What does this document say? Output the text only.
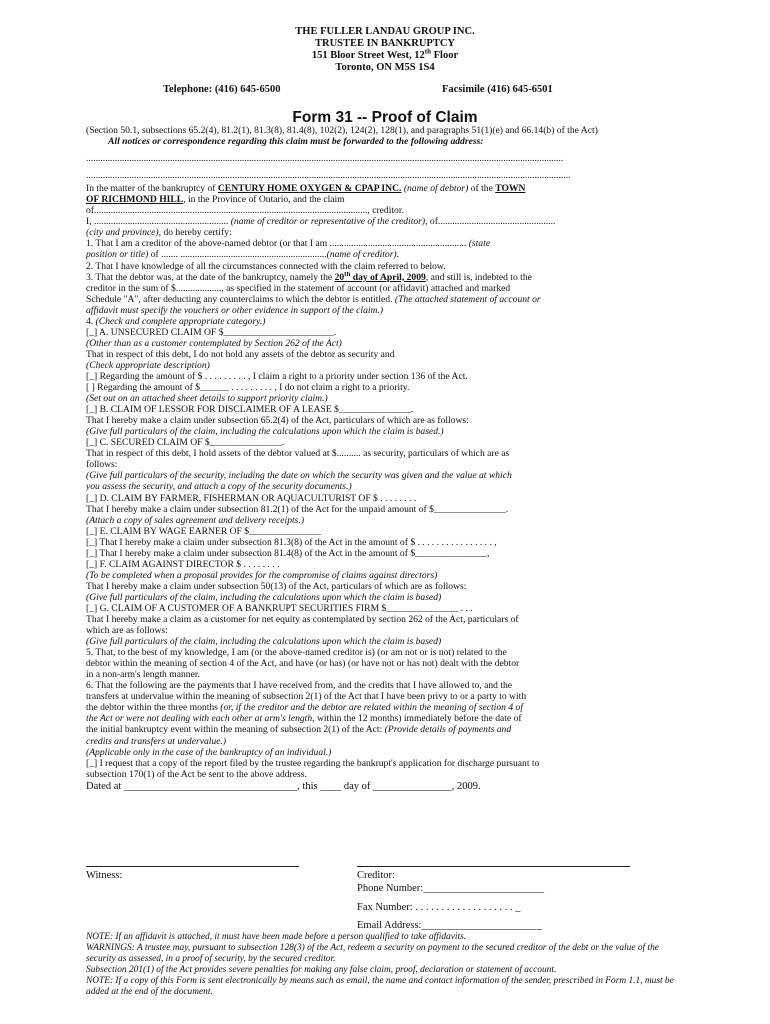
THE FULLER LANDAU GROUP INC.
TRUSTEE IN BANKRUPTCY
151 Bloor Street West, 12th Floor
Toronto, ON M5S 1S4
Telephone: (416) 645-6500	Facsimile (416) 645-6501
Form 31 -- Proof of Claim

(Section 50.1, subsections 65.2(4), 81.2(1), 81.3(8), 81.4(8), 102(2), 124(2), 128(1), and paragraphs 51(1)(e) and 66.14(b) of the Act)

All notices or correspondence regarding this claim must be forwarded to the following address:

.......................................................................................................................................................................................................

..........................................................................................................................................................................................................

In the matter of the bankruptcy of CENTURY HOME OXYGEN & CPAP INC. (name of debtor) of the TOWN

OF RICHMOND HILL, in the Province of Ontario, and the claim

of.................................................................................................................., creditor.

I, ........................................................ (name of creditor or representative of the creditor), of.................................................

(city and province), do hereby certify:

1. That I am a creditor of the above-named debtor (or that I am ......................................................... (state

position or title) of ....... .............................................................(name of creditor).

2. That I have knowledge of all the circumstances connected with the claim referred to below.

3. That the debtor was, at the date of the bankruptcy, namely the 20th day of April, 2009, and still is, indebted to the

creditor in the sum of $..................., as specified in the statement of account (or affidavit) attached and marked

Schedule "A", after deducting any counterclaims to which the debtor is entitled. (The attached statement of account or

affidavit must specify the vouchers or other evidence in support of the claim.)

4. (Check and complete appropriate category.)

[_] A. UNSECURED CLAIM OF $_______________________.

(Other than as a customer contemplated by Section 262 of the Act)

That in respect of this debt, I do not hold any assets of the debtor as security and

(Check appropriate description)

[_] Regarding the amount of $ . . . . . . . . . , I claim a right to a priority under section 136 of the Act.

[ ] Regarding the amount of $______ . . . . . . . . . , I do not claim a right to a priority.

(Set out on an attached sheet details to support priority claim.)

[_] B. CLAIM OF LESSOR FOR DISCLAIMER OF A LEASE $_______________.

That I hereby make a claim under subsection 65.2(4) of the Act, particulars of which are as follows:

(Give full particulars of the claim, including the calculations upon which the claim is based.)

[_] C. SECURED CLAIM OF $_______________.

That in respect of this debt, I hold assets of the debtor valued at $.......... as security, particulars of which are as

follows:

(Give full particulars of the security, including the date on which the security was given and the value at which

you assess the security, and attach a copy of the security documents.)

[_] D. CLAIM BY FARMER, FISHERMAN OR AQUACULTURIST OF $ . . . . . . . .

That I hereby make a claim under subsection 81.2(1) of the Act for the unpaid amount of $_______________.

(Attach a copy of sales agreement and delivery receipts.)

[_] E. CLAIM BY WAGE EARNER OF $_______________

[_] That I hereby make a claim under subsection 81.3(8) of the Act in the amount of $ . . . . . . . . . . . . . . . . ,

[_] That I hereby make a claim under subsection 81.4(8) of the Act in the amount of $_______________,

[_] F. CLAIM AGAINST DIRECTOR $ . . . . . . . .

(To be completed when a proposal provides for the compromise of claims against directors)

That I hereby make a claim under subsection 50(13) of the Act, particulars of which are as follows:

(Give full particulars of the claim, including the calculations upon which the claim is based)

[_] G. CLAIM OF A CUSTOMER OF A BANKRUPT SECURITIES FIRM $_______________ . . .

That I hereby make a claim as a customer for net equity as contemplated by section 262 of the Act, particulars of

which are as follows:

(Give full particulars of the claim, including the calculations upon which the claim is based)

5. That, to the best of my knowledge, I am (or the above-named creditor is) (or am not or is not) related to the

debtor within the meaning of section 4 of the Act, and have (or has) (or have not or has not) dealt with the debtor

in a non-arm's length manner.

6. That the following are the payments that I have received from, and the credits that I have allowed to, and the

transfers at undervalue within the meaning of subsection 2(1) of the Act that I have been privy to or a party to with

the debtor within the three months (or, if the creditor and the debtor are related within the meaning of section 4 of

the Act or were not dealing with each other at arm's length, within the 12 months) immediately before the date of

the initial bankruptcy event within the meaning of subsection 2(1) of the Act: (Provide details of payments and

credits and transfers at undervalue.)

(Applicable only in the case of the bankruptcy of an individual.)

[_] I request that a copy of the report filed by the trustee regarding the bankrupt's application for discharge pursuant to

subsection 170(1) of the Act be sent to the above address.

Dated at _________________________________, this ____ day of _______________, 2009.

Witness:	Creditor:
Phone Number:_______________________
Fax Number: . . . . . . . . . . . . . . . . . . . _
Email Address:_______________________

NOTE: If an affidavit is attached, it must have been made before a person qualified to take affidavits.

WARNINGS: A trustee may, pursuant to subsection 128(3) of the Act, redeem a security on payment to the secured creditor of the debt or the value of the security as assessed, in a proof of security, by the secured creditor.

Subsection 201(1) of the Act provides severe penalties for making any false claim, proof, declaration or statement of account.

NOTE: If a copy of this Form is sent electronically by means such as email, the name and contact information of the sender, prescribed in Form 1.1, must be added at the end of the document.
